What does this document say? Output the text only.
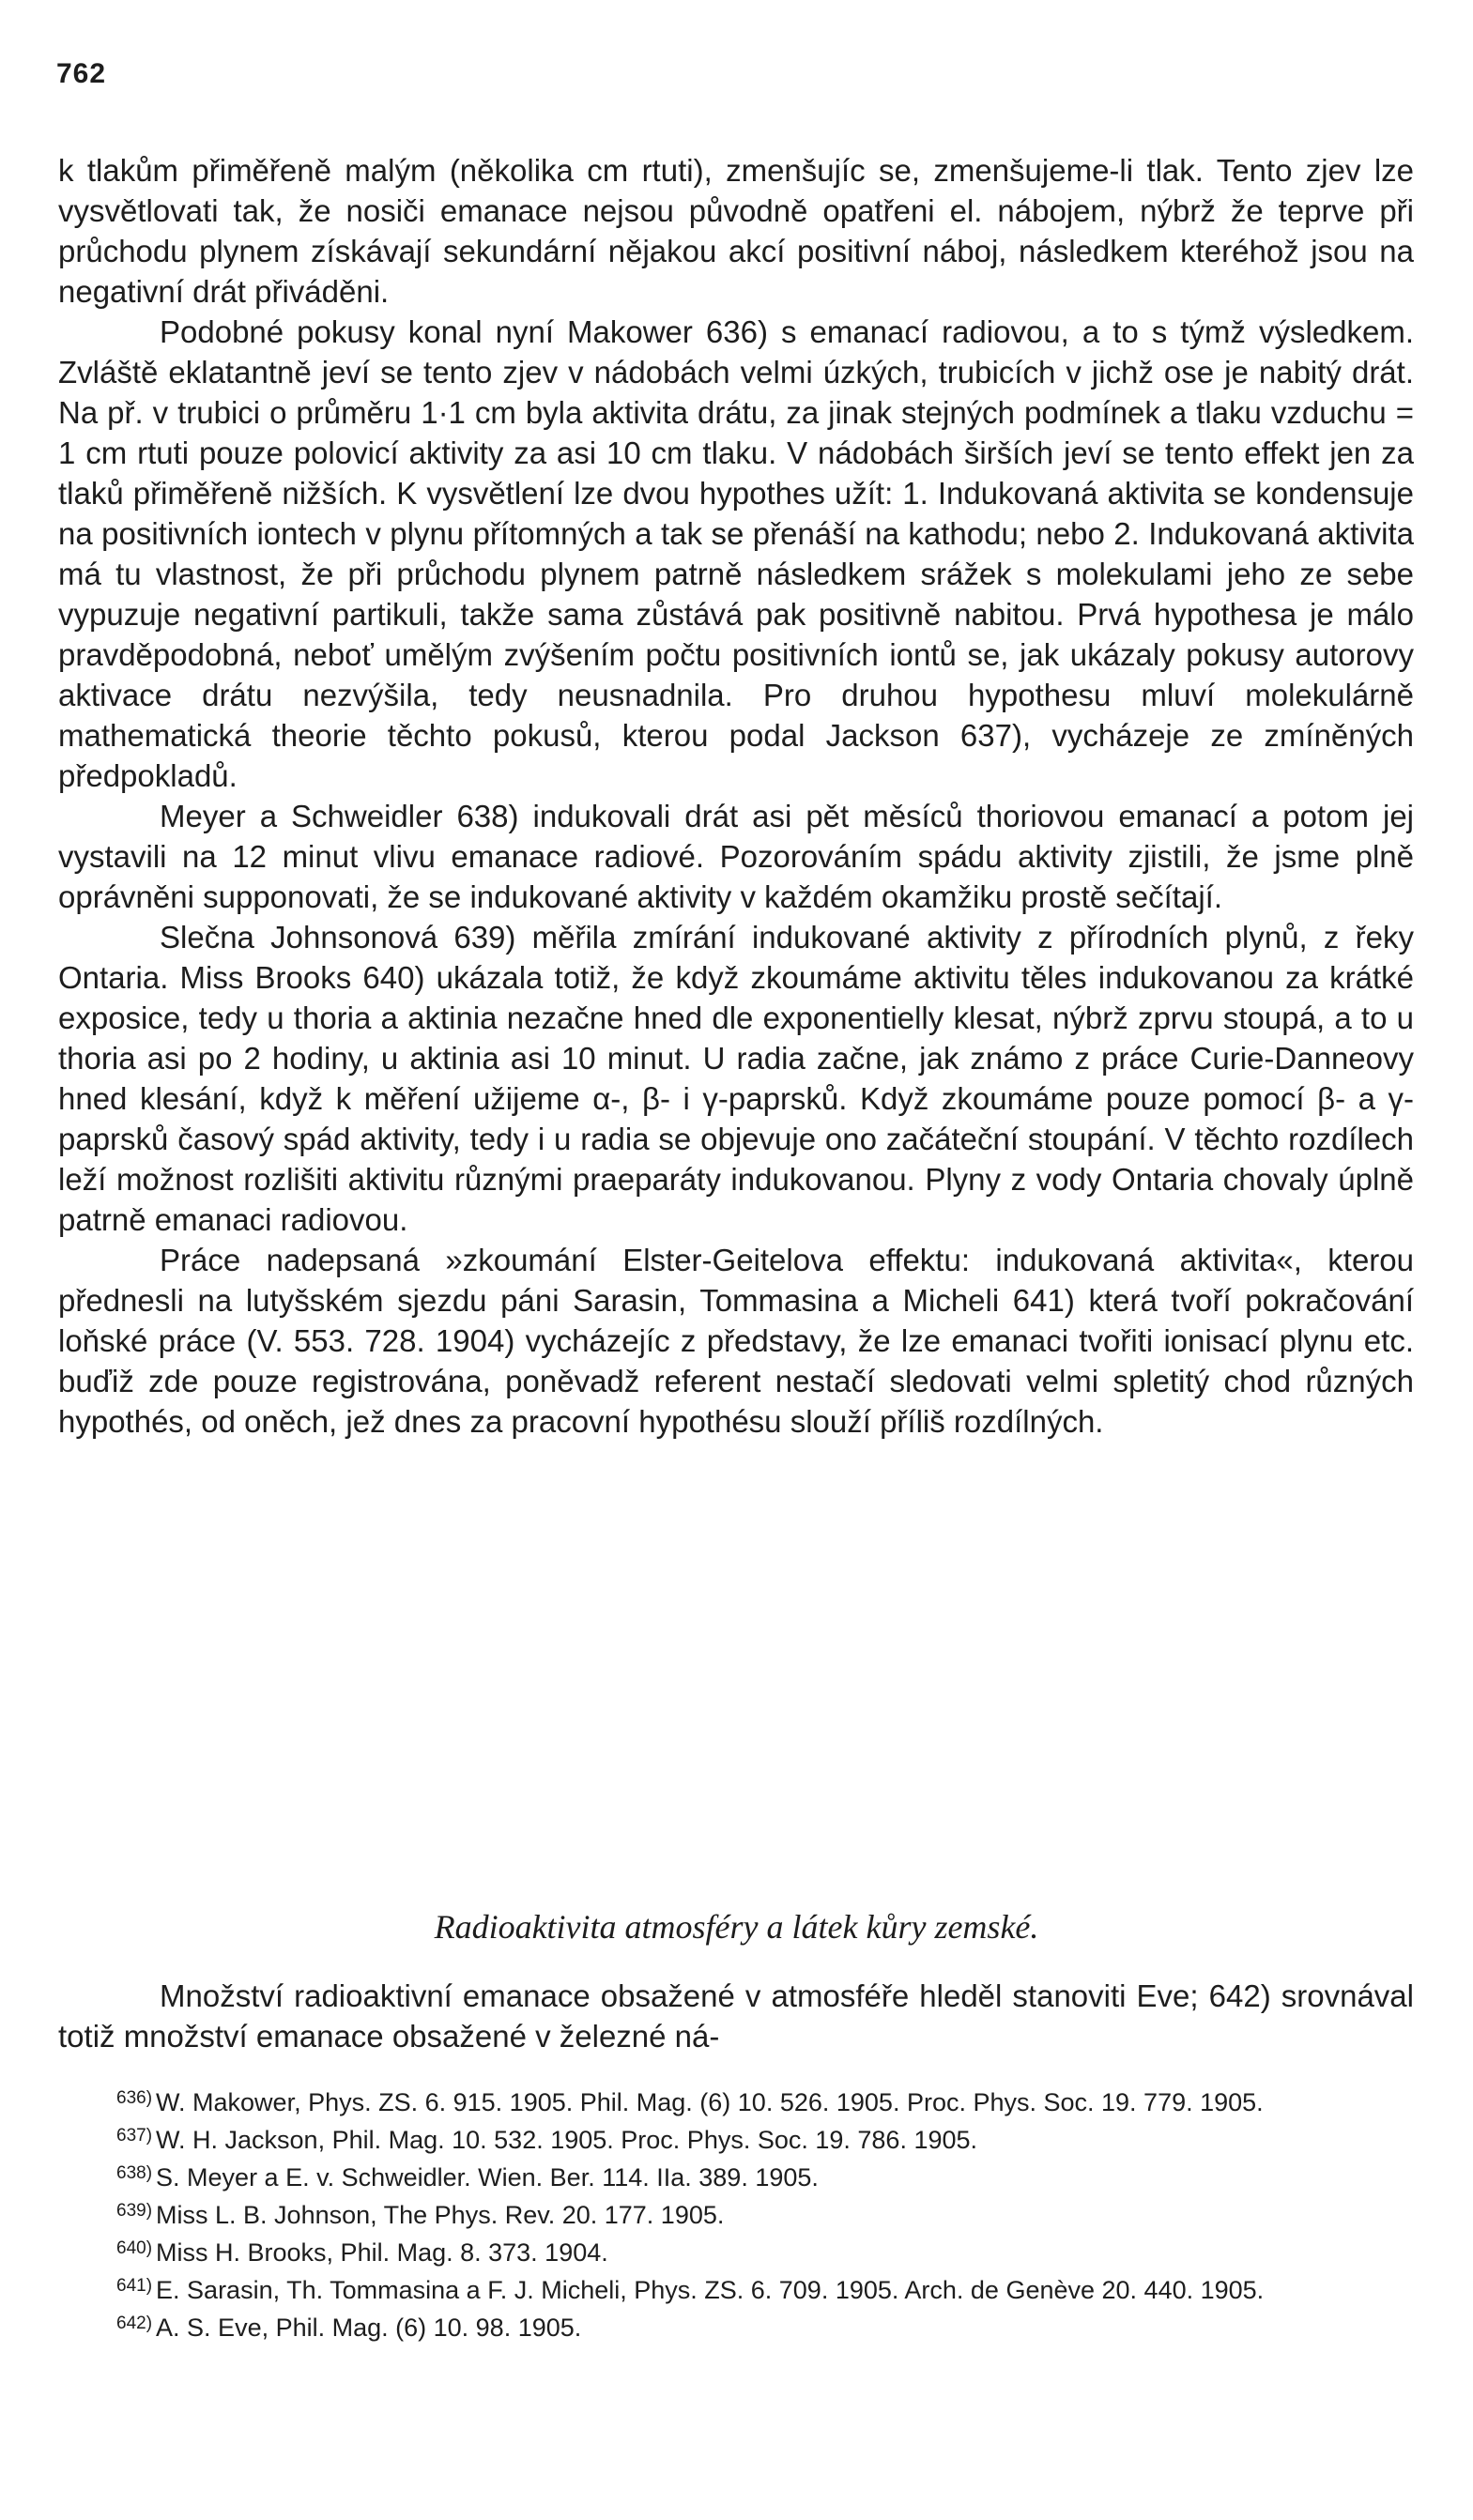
762

k tlakům přiměřeně malým (několika cm rtuti), zmenšujíc se, zmenšujeme-li tlak. Tento zjev lze vysvětlovati tak, že nosiči emanace nejsou původně opatřeni el. nábojem, nýbrž že teprve při průchodu plynem získávají sekundární nějakou akcí positivní náboj, následkem kteréhož jsou na negativní drát přiváděni.

Podobné pokusy konal nyní Makower 636) s emanací radiovou, a to s týmž výsledkem. Zvláště eklatantně jeví se tento zjev v nádobách velmi úzkých, trubicích v jichž ose je nabitý drát. Na př. v trubici o průměru 1·1 cm byla aktivita drátu, za jinak stejných podmínek a tlaku vzduchu = 1 cm rtuti pouze polovicí aktivity za asi 10 cm tlaku. V nádobách širších jeví se tento effekt jen za tlaků přiměřeně nižších. K vysvětlení lze dvou hypothes užít: 1. Indukovaná aktivita se kondensuje na positivních iontech v plynu přítomných a tak se přenáší na kathodu; nebo 2. Indukovaná aktivita má tu vlastnost, že při průchodu plynem patrně následkem srážek s molekulami jeho ze sebe vypuzuje negativní partikuli, takže sama zůstává pak positivně nabitou. Prvá hypothesa je málo pravděpodobná, neboť umělým zvýšením počtu positivních iontů se, jak ukázaly pokusy autorovy aktivace drátu nezvýšila, tedy neusnadnila. Pro druhou hypothesu mluví molekulárně mathematická theorie těchto pokusů, kterou podal Jackson 637), vycházeje ze zmíněných předpokladů.

Meyer a Schweidler 638) indukovali drát asi pět měsíců thoriovou emanací a potom jej vystavili na 12 minut vlivu emanace radiové. Pozorováním spádu aktivity zjistili, že jsme plně oprávněni supponovati, že se indukované aktivity v každém okamžiku prostě sečítají.

Slečna Johnsonová 639) měřila zmírání indukované aktivity z přírodních plynů, z řeky Ontaria. Miss Brooks 640) ukázala totiž, že když zkoumáme aktivitu těles indukovanou za krátké exposice, tedy u thoria a aktinia nezačne hned dle exponentielly klesat, nýbrž zprvu stoupá, a to u thoria asi po 2 hodiny, u aktinia asi 10 minut. U radia začne, jak známo z práce Curie-Danneovy hned klesání, když k měření užijeme α-, β- i γ-paprsků. Když zkoumáme pouze pomocí β- a γ-paprsků časový spád aktivity, tedy i u radia se objevuje ono začáteční stoupání. V těchto rozdílech leží možnost rozlišiti aktivitu různými praeparáty indukovanou. Plyny z vody Ontaria chovaly úplně patrně emanaci radiovou.

Práce nadepsaná »zkoumání Elster-Geitelova effektu: indukovaná aktivita«, kterou přednesli na lutyšském sjezdu páni Sarasin, Tommasina a Micheli 641) která tvoří pokračování loňské práce (V. 553. 728. 1904) vycházejíc z představy, že lze emanaci tvořiti ionisací plynu etc. buďiž zde pouze registrována, poněvadž referent nestačí sledovati velmi spletitý chod různých hypothés, od oněch, jež dnes za pracovní hypothésu slouží příliš rozdílných.

Radioaktivita atmosféry a látek kůry zemské.

Množství radioaktivní emanace obsažené v atmosféře hleděl stanoviti Eve; 642) srovnával totiž množství emanace obsažené v železné ná-

$^{636)}$ W. Makower, Phys. ZS. 6. 915. 1905. Phil. Mag. (6) 10. 526. 1905. Proc. Phys. Soc. 19. 779. 1905.

$^{637)}$ W. H. Jackson, Phil. Mag. 10. 532. 1905. Proc. Phys. Soc. 19. 786. 1905.

$^{638)}$ S. Meyer a E. v. Schweidler. Wien. Ber. 114. IIa. 389. 1905.

$^{639)}$ Miss L. B. Johnson, The Phys. Rev. 20. 177. 1905.

$^{640)}$ Miss H. Brooks, Phil. Mag. 8. 373. 1904.

$^{641)}$ E. Sarasin, Th. Tommasina a F. J. Micheli, Phys. ZS. 6. 709. 1905. Arch. de Genève 20. 440. 1905.

$^{642)}$ A. S. Eve, Phil. Mag. (6) 10. 98. 1905.
